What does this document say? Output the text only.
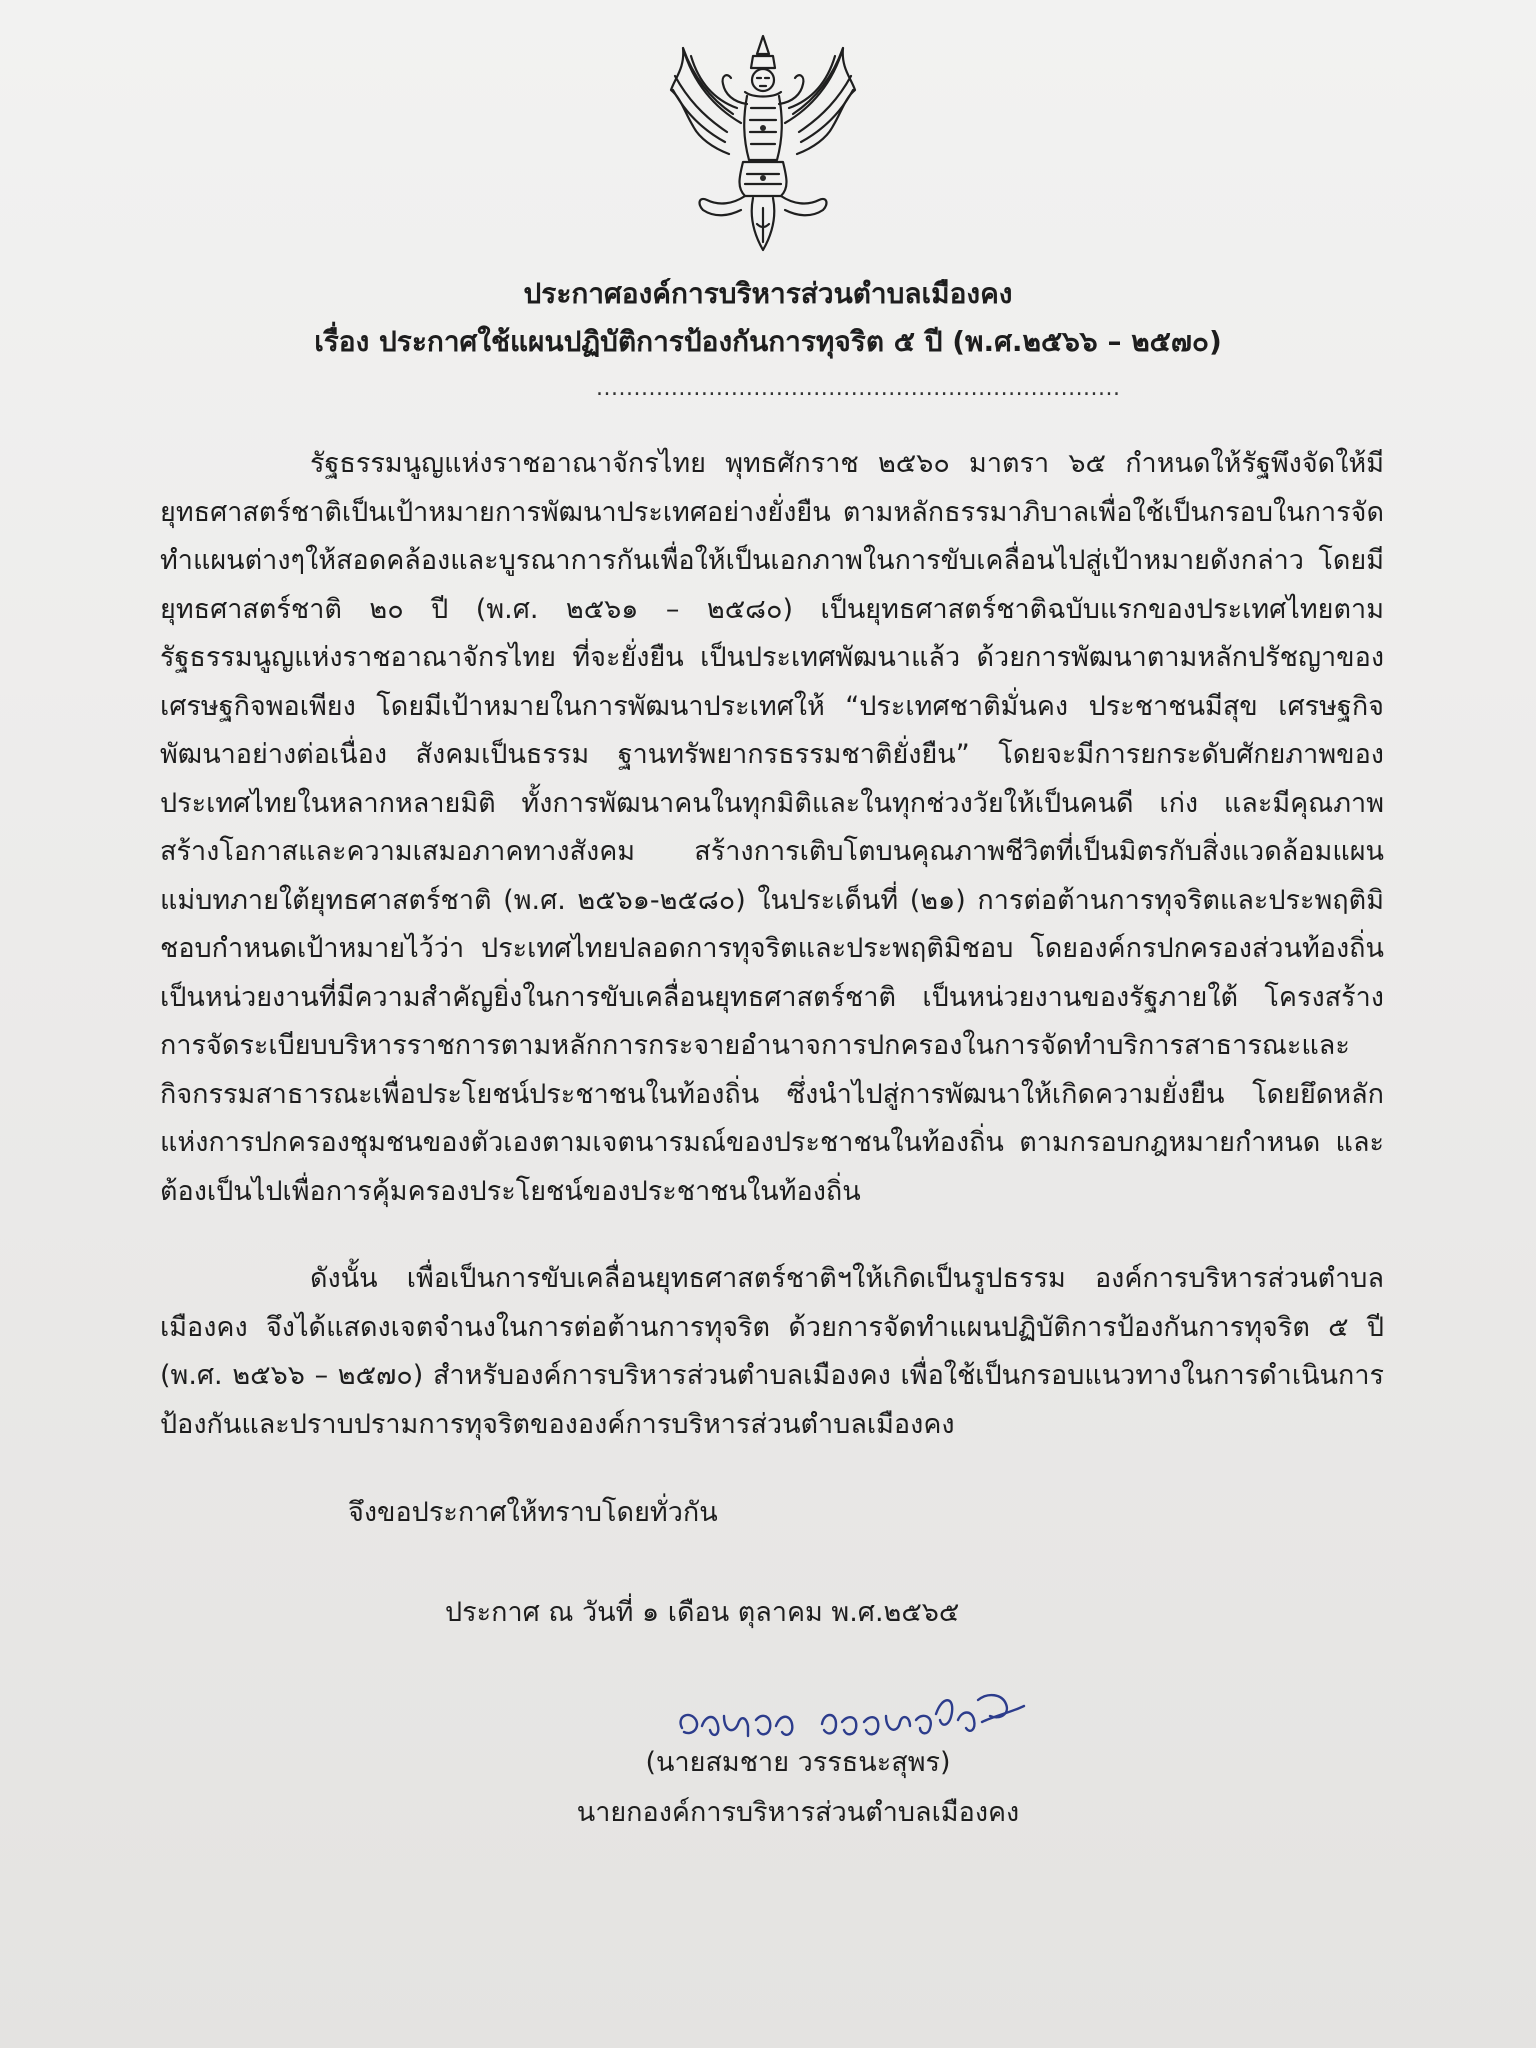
ประกาศองค์การบริหารส่วนตำบลเมืองคง
เรื่อง ประกาศใช้แผนปฏิบัติการป้องกันการทุจริต ๕ ปี (พ.ศ.๒๕๖๖ – ๒๕๗๐)
......................................................................
รัฐธรรมนูญแห่งราชอาณาจักรไทย พุทธศักราช ๒๕๖๐ มาตรา ๖๕ กำหนดให้รัฐพึงจัดให้มียุทธศาสตร์ชาติเป็นเป้าหมายการพัฒนาประเทศอย่างยั่งยืน ตามหลักธรรมาภิบาลเพื่อใช้เป็นกรอบในการจัดทำแผนต่างๆให้สอดคล้องและบูรณาการกันเพื่อให้เป็นเอกภาพในการขับเคลื่อนไปสู่เป้าหมายดังกล่าว โดยมียุทธศาสตร์ชาติ ๒๐ ปี (พ.ศ. ๒๕๖๑ – ๒๕๘๐) เป็นยุทธศาสตร์ชาติฉบับแรกของประเทศไทยตามรัฐธรรมนูญแห่งราชอาณาจักรไทย ที่จะยั่งยืน เป็นประเทศพัฒนาแล้ว ด้วยการพัฒนาตามหลักปรัชญาของเศรษฐกิจพอเพียง โดยมีเป้าหมายในการพัฒนาประเทศให้ “ประเทศชาติมั่นคง ประชาชนมีสุข เศรษฐกิจพัฒนาอย่างต่อเนื่อง สังคมเป็นธรรม ฐานทรัพยากรธรรมชาติยั่งยืน” โดยจะมีการยกระดับศักยภาพของประเทศไทยในหลากหลายมิติ ทั้งการพัฒนาคนในทุกมิติและในทุกช่วงวัยให้เป็นคนดี เก่ง และมีคุณภาพ สร้างโอกาสและความเสมอภาคทางสังคม สร้างการเติบโตบนคุณภาพชีวิตที่เป็นมิตรกับสิ่งแวดล้อมแผนแม่บทภายใต้ยุทธศาสตร์ชาติ (พ.ศ. ๒๕๖๑-๒๕๘๐) ในประเด็นที่ (๒๑) การต่อต้านการทุจริตและประพฤติมิชอบกำหนดเป้าหมายไว้ว่า ประเทศไทยปลอดการทุจริตและประพฤติมิชอบ โดยองค์กรปกครองส่วนท้องถิ่นเป็นหน่วยงานที่มีความสำคัญยิ่งในการขับเคลื่อนยุทธศาสตร์ชาติ เป็นหน่วยงานของรัฐภายใต้ โครงสร้างการจัดระเบียบบริหารราชการตามหลักการกระจายอำนาจการปกครองในการจัดทำบริการสาธารณะและกิจกรรมสาธารณะเพื่อประโยชน์ประชาชนในท้องถิ่น ซึ่งนำไปสู่การพัฒนาให้เกิดความยั่งยืน โดยยึดหลักแห่งการปกครองชุมชนของตัวเองตามเจตนารมณ์ของประชาชนในท้องถิ่น ตามกรอบกฎหมายกำหนด และต้องเป็นไปเพื่อการคุ้มครองประโยชน์ของประชาชนในท้องถิ่น
ดังนั้น เพื่อเป็นการขับเคลื่อนยุทธศาสตร์ชาติฯให้เกิดเป็นรูปธรรม องค์การบริหารส่วนตำบลเมืองคง จึงได้แสดงเจตจำนงในการต่อต้านการทุจริต ด้วยการจัดทำแผนปฏิบัติการป้องกันการทุจริต ๕ ปี (พ.ศ. ๒๕๖๖ – ๒๕๗๐) สำหรับองค์การบริหารส่วนตำบลเมืองคง เพื่อใช้เป็นกรอบแนวทางในการดำเนินการป้องกันและปราบปรามการทุจริตขององค์การบริหารส่วนตำบลเมืองคง
จึงขอประกาศให้ทราบโดยทั่วกัน
ประกาศ ณ วันที่ ๑ เดือน ตุลาคม พ.ศ.๒๕๖๕
(นายสมชาย วรรธนะสุพร)
นายกองค์การบริหารส่วนตำบลเมืองคง
